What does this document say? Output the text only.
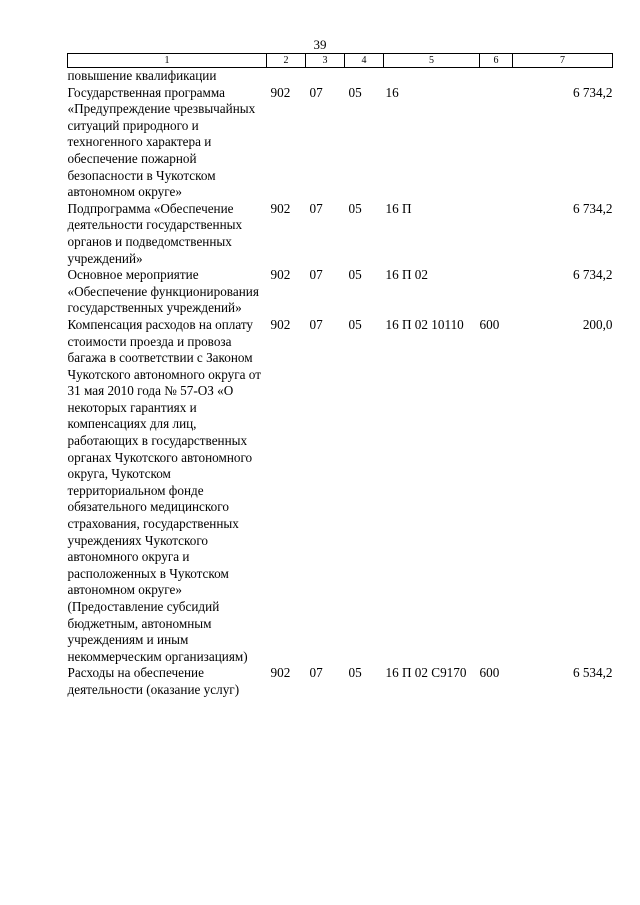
39
1	2	3	4	5	6	7
повышение квалификации						
Государственная программа «Предупреждение чрезвычайных ситуаций природного и техногенного характера и обеспечение пожарной безопасности в Чукотском автономном округе»	902	07	05	16		6 734,2
Подпрограмма «Обеспечение деятельности государственных органов и подведомственных учреждений»	902	07	05	16 П		6 734,2
Основное мероприятие «Обеспечение функционирования государственных учреждений»	902	07	05	16 П 02		6 734,2
Компенсация расходов на оплату стоимости проезда и провоза багажа в соответствии с Законом Чукотского автономного округа от 31 мая 2010 года № 57-ОЗ «О некоторых гарантиях и компенсациях для лиц, работающих в государственных органах Чукотского автономного округа, Чукотском территориальном фонде обязательного медицинского страхования, государственных учреждениях Чукотского автономного округа и расположенных в Чукотском автономном округе» (Предоставление субсидий бюджетным, автономным учреждениям и иным некоммерческим организациям)	902	07	05	16 П 02 10110	600	200,0
Расходы на обеспечение деятельности (оказание услуг)	902	07	05	16 П 02 С9170	600	6 534,2
